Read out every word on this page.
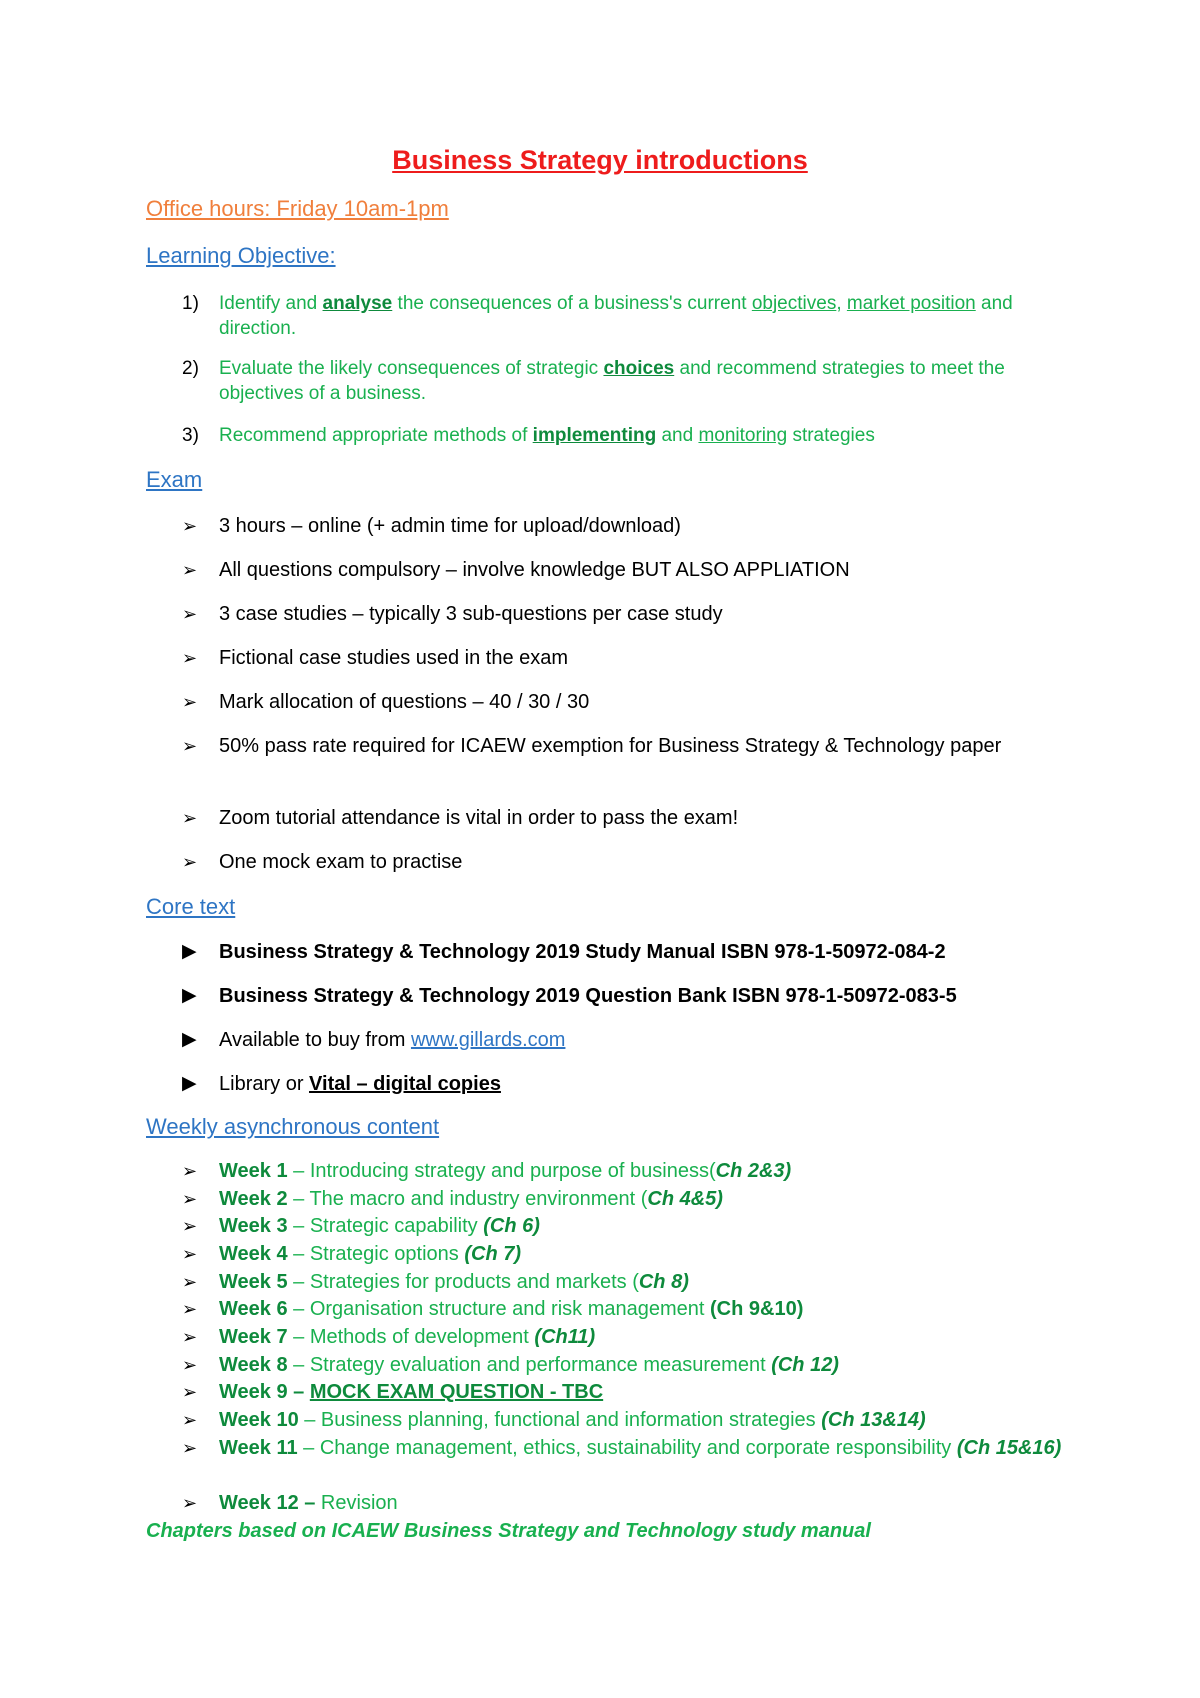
Business Strategy introductions
Office hours: Friday 10am-1pm
Learning Objective:
1) Identify and analyse the consequences of a business's current objectives, market position and direction.
2) Evaluate the likely consequences of strategic choices and recommend strategies to meet the objectives of a business.
3) Recommend appropriate methods of implementing and monitoring strategies
Exam
➢ 3 hours – online (+ admin time for upload/download)
➢ All questions compulsory – involve knowledge BUT ALSO APPLIATION
➢ 3 case studies – typically 3 sub-questions per case study
➢ Fictional case studies used in the exam
➢ Mark allocation of questions – 40 / 30 / 30
➢ 50% pass rate required for ICAEW exemption for Business Strategy & Technology paper
➢ Zoom tutorial attendance is vital in order to pass the exam!
➢ One mock exam to practise
Core text
▶ Business Strategy & Technology 2019 Study Manual ISBN 978-1-50972-084-2
▶ Business Strategy & Technology 2019 Question Bank ISBN 978-1-50972-083-5
▶ Available to buy from www.gillards.com
▶ Library or Vital – digital copies
Weekly asynchronous content
➢ Week 1 – Introducing strategy and purpose of business(Ch 2&3)
➢ Week 2 – The macro and industry environment (Ch 4&5)
➢ Week 3 – Strategic capability (Ch 6)
➢ Week 4 – Strategic options (Ch 7)
➢ Week 5 – Strategies for products and markets (Ch 8)
➢ Week 6 – Organisation structure and risk management (Ch 9&10)
➢ Week 7 – Methods of development (Ch11)
➢ Week 8 – Strategy evaluation and performance measurement (Ch 12)
➢ Week 9 – MOCK EXAM QUESTION - TBC
➢ Week 10 – Business planning, functional and information strategies (Ch 13&14)
➢ Week 11 – Change management, ethics, sustainability and corporate responsibility (Ch 15&16)
➢ Week 12 – Revision
Chapters based on ICAEW Business Strategy and Technology study manual
